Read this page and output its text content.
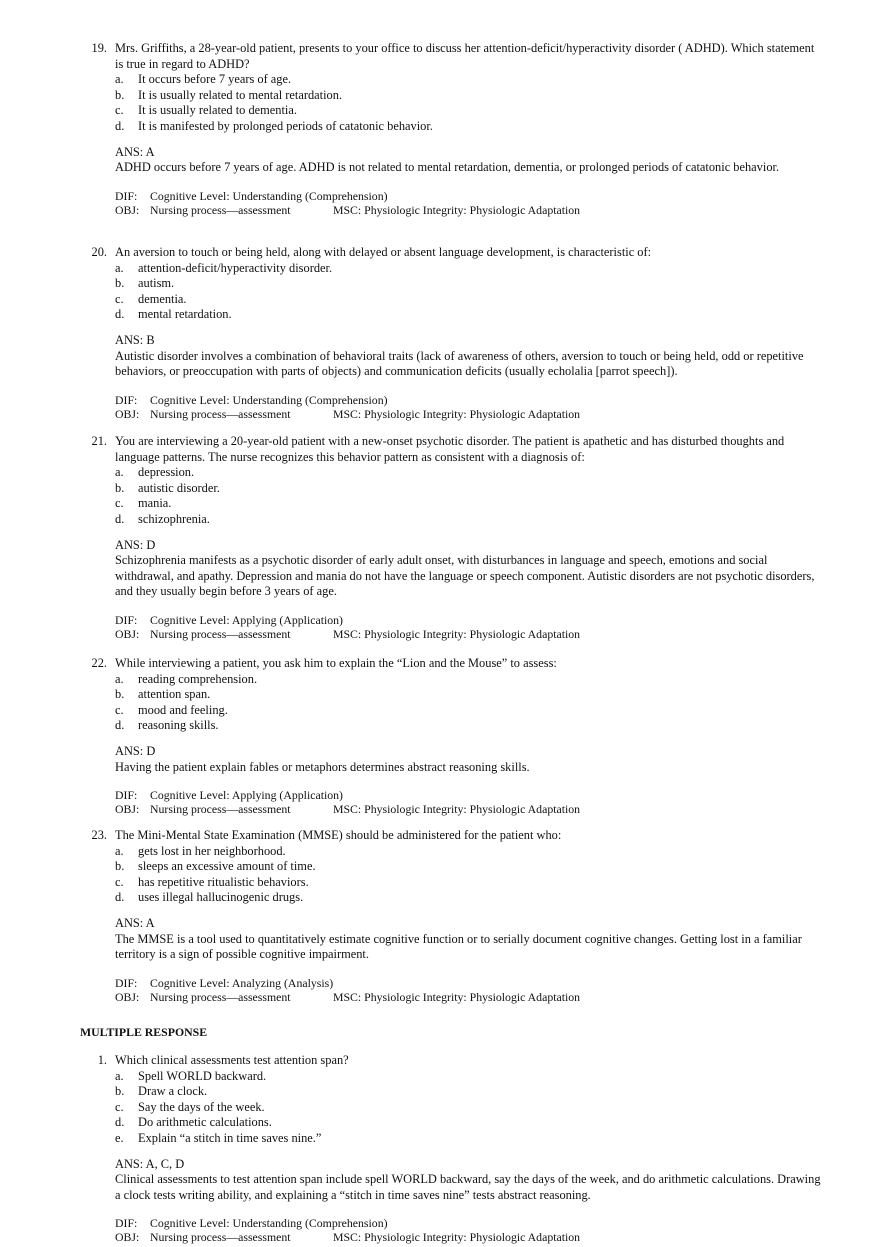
19. Mrs. Griffiths, a 28-year-old patient, presents to your office to discuss her attention-deficit/hyperactivity disorder ( ADHD). Which statement is true in regard to ADHD?
a. It occurs before 7 years of age.
b. It is usually related to mental retardation.
c. It is usually related to dementia.
d. It is manifested by prolonged periods of catatonic behavior.
ANS: A
ADHD occurs before 7 years of age. ADHD is not related to mental retardation, dementia, or prolonged periods of catatonic behavior.
DIF: Cognitive Level: Understanding (Comprehension)
OBJ: Nursing process—assessment	MSC: Physiologic Integrity: Physiologic Adaptation
20. An aversion to touch or being held, along with delayed or absent language development, is characteristic of:
a. attention-deficit/hyperactivity disorder.
b. autism.
c. dementia.
d. mental retardation.
ANS: B
Autistic disorder involves a combination of behavioral traits (lack of awareness of others, aversion to touch or being held, odd or repetitive behaviors, or preoccupation with parts of objects) and communication deficits (usually echolalia [parrot speech]).
DIF: Cognitive Level: Understanding (Comprehension)
OBJ: Nursing process—assessment	MSC: Physiologic Integrity: Physiologic Adaptation
21. You are interviewing a 20-year-old patient with a new-onset psychotic disorder. The patient is apathetic and has disturbed thoughts and language patterns. The nurse recognizes this behavior pattern as consistent with a diagnosis of:
a. depression.
b. autistic disorder.
c. mania.
d. schizophrenia.
ANS: D
Schizophrenia manifests as a psychotic disorder of early adult onset, with disturbances in language and speech, emotions and social withdrawal, and apathy. Depression and mania do not have the language or speech component. Autistic disorders are not psychotic disorders, and they usually begin before 3 years of age.
DIF: Cognitive Level: Applying (Application)
OBJ: Nursing process—assessment	MSC: Physiologic Integrity: Physiologic Adaptation
22. While interviewing a patient, you ask him to explain the “Lion and the Mouse” to assess:
a. reading comprehension.
b. attention span.
c. mood and feeling.
d. reasoning skills.
ANS: D
Having the patient explain fables or metaphors determines abstract reasoning skills.
DIF: Cognitive Level: Applying (Application)
OBJ: Nursing process—assessment	MSC: Physiologic Integrity: Physiologic Adaptation
23. The Mini-Mental State Examination (MMSE) should be administered for the patient who:
a. gets lost in her neighborhood.
b. sleeps an excessive amount of time.
c. has repetitive ritualistic behaviors.
d. uses illegal hallucinogenic drugs.
ANS: A
The MMSE is a tool used to quantitatively estimate cognitive function or to serially document cognitive changes. Getting lost in a familiar territory is a sign of possible cognitive impairment.
DIF: Cognitive Level: Analyzing (Analysis)
OBJ: Nursing process—assessment	MSC: Physiologic Integrity: Physiologic Adaptation
MULTIPLE RESPONSE
1. Which clinical assessments test attention span?
a. Spell WORLD backward.
b. Draw a clock.
c. Say the days of the week.
d. Do arithmetic calculations.
e. Explain “a stitch in time saves nine.”
ANS: A, C, D
Clinical assessments to test attention span include spell WORLD backward, say the days of the week, and do arithmetic calculations. Drawing a clock tests writing ability, and explaining a “stitch in time saves nine” tests abstract reasoning.
DIF: Cognitive Level: Understanding (Comprehension)
OBJ: Nursing process—assessment	MSC: Physiologic Integrity: Physiologic Adaptation
